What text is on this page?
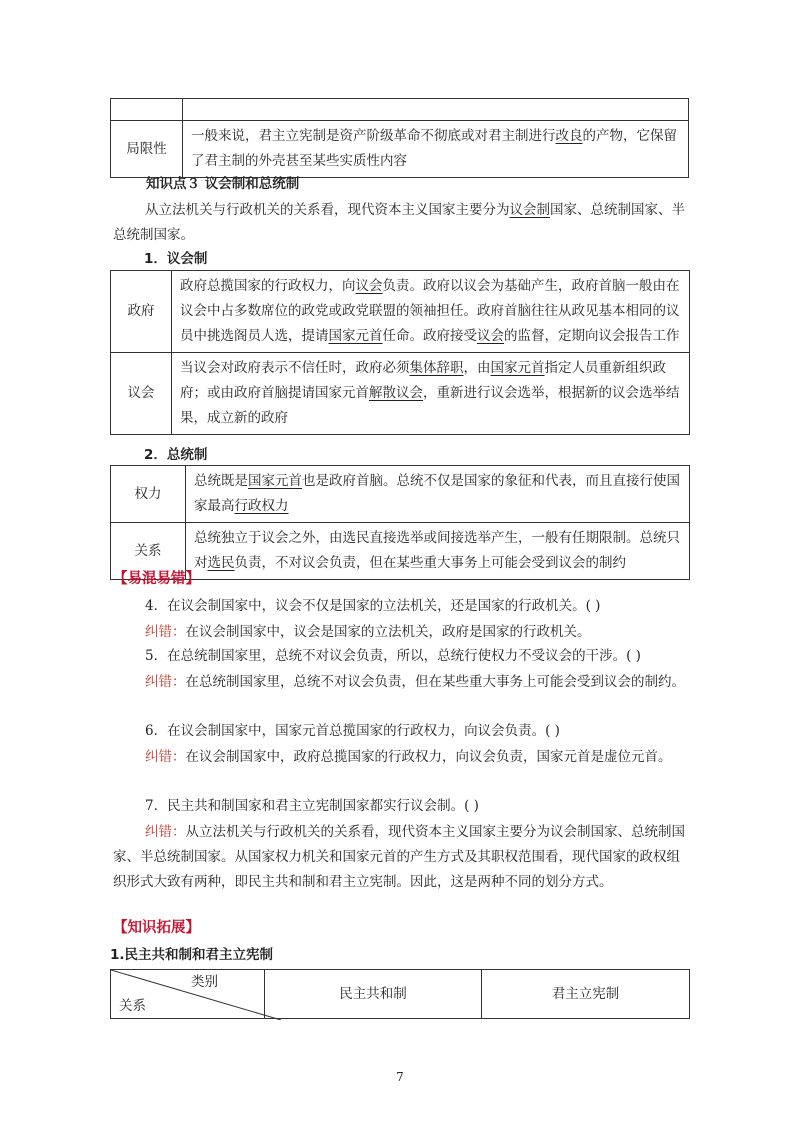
局限性	一般来说，君主立宪制是资产阶级革命不彻底或对君主制进行改良的产物，它保留了君主制的外壳甚至某些实质性内容
知识点３ 议会制和总统制
从立法机关与行政机关的关系看，现代资本主义国家主要分为议会制国家、总统制国家、半总统制国家。
1．议会制
政府	政府总揽国家的行政权力，向议会负责。政府以议会为基础产生，政府首脑一般由在议会中占多数席位的政党或政党联盟的领袖担任。政府首脑往往从政见基本相同的议员中挑选阁员人选，提请国家元首任命。政府接受议会的监督，定期向议会报告工作
议会	当议会对政府表示不信任时，政府必须集体辞职，由国家元首指定人员重新组织政府；或由政府首脑提请国家元首解散议会，重新进行议会选举，根据新的议会选举结果，成立新的政府
2．总统制
权力	总统既是国家元首也是政府首脑。总统不仅是国家的象征和代表，而且直接行使国家最高行政权力
关系	总统独立于议会之外，由选民直接选举或间接选举产生，一般有任期限制。总统只对选民负责，不对议会负责，但在某些重大事务上可能会受到议会的制约
【易混易错】
4．在议会制国家中，议会不仅是国家的立法机关，还是国家的行政机关。( )
纠错：在议会制国家中，议会是国家的立法机关，政府是国家的行政机关。
5．在总统制国家里，总统不对议会负责，所以，总统行使权力不受议会的干涉。( )
纠错：在总统制国家里，总统不对议会负责，但在某些重大事务上可能会受到议会的制约。
6．在议会制国家中，国家元首总揽国家的行政权力，向议会负责。( )
纠错：在议会制国家中，政府总揽国家的行政权力，向议会负责，国家元首是虚位元首。
7．民主共和制国家和君主立宪制国家都实行议会制。( )
纠错：从立法机关与行政机关的关系看，现代资本主义国家主要分为议会制国家、总统制国家、半总统制国家。从国家权力机关和国家元首的产生方式及其职权范围看，现代国家的政权组织形式大致有两种，即民主共和制和君主立宪制。因此，这是两种不同的划分方式。
【知识拓展】
1.民主共和制和君主立宪制
类别
关系
	民主共和制	君主立宪制
7
